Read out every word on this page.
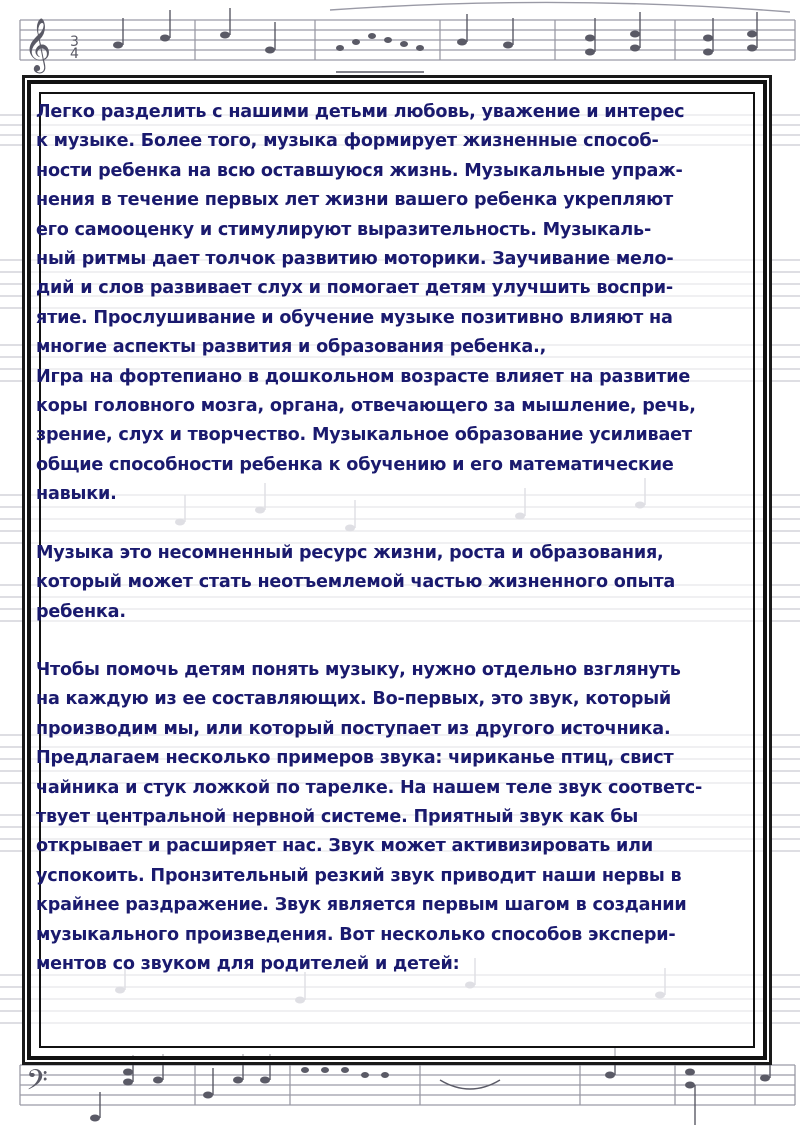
𝄞 3
4
𝄢

Легко разделить с нашими детьми любовь, уважение и интерес
к музыке. Более того, музыка формирует жизненные способ-
ности ребенка на всю оставшуюся жизнь. Музыкальные упраж-
нения в течение первых лет жизни вашего ребенка укрепляют
его самооценку и стимулируют выразительность. Музыкаль-
ный ритмы дает толчок развитию моторики. Заучивание мело-
дий и слов развивает слух и помогает детям улучшить воспри-
ятие. Прослушивание и обучение музыке позитивно влияют на
многие аспекты развития и образования ребенка.,

Игра на фортепиано в дошкольном возрасте влияет на развитие
коры головного мозга, органа, отвечающего за мышление, речь,
зрение, слух и творчество. Музыкальное образование усиливает
общие способности ребенка к обучению и его математические
навыки.

Музыка это несомненный ресурс жизни, роста и образования,
который может стать неотъемлемой частью жизненного опыта
ребенка.

Чтобы помочь детям понять музыку, нужно отдельно взглянуть
на каждую из ее составляющих. Во-первых, это звук, который
производим мы, или который поступает из другого источника.
Предлагаем несколько примеров звука: чириканье птиц, свист
чайника и стук ложкой по тарелке. На нашем теле звук соответс-
твует центральной нервной системе. Приятный звук как бы
открывает и расширяет нас. Звук может активизировать или
успокоить. Пронзительный резкий звук приводит наши нервы в
крайнее раздражение. Звук является первым шагом в создании
музыкального произведения. Вот несколько способов экспери-
ментов со звуком для родителей и детей:
